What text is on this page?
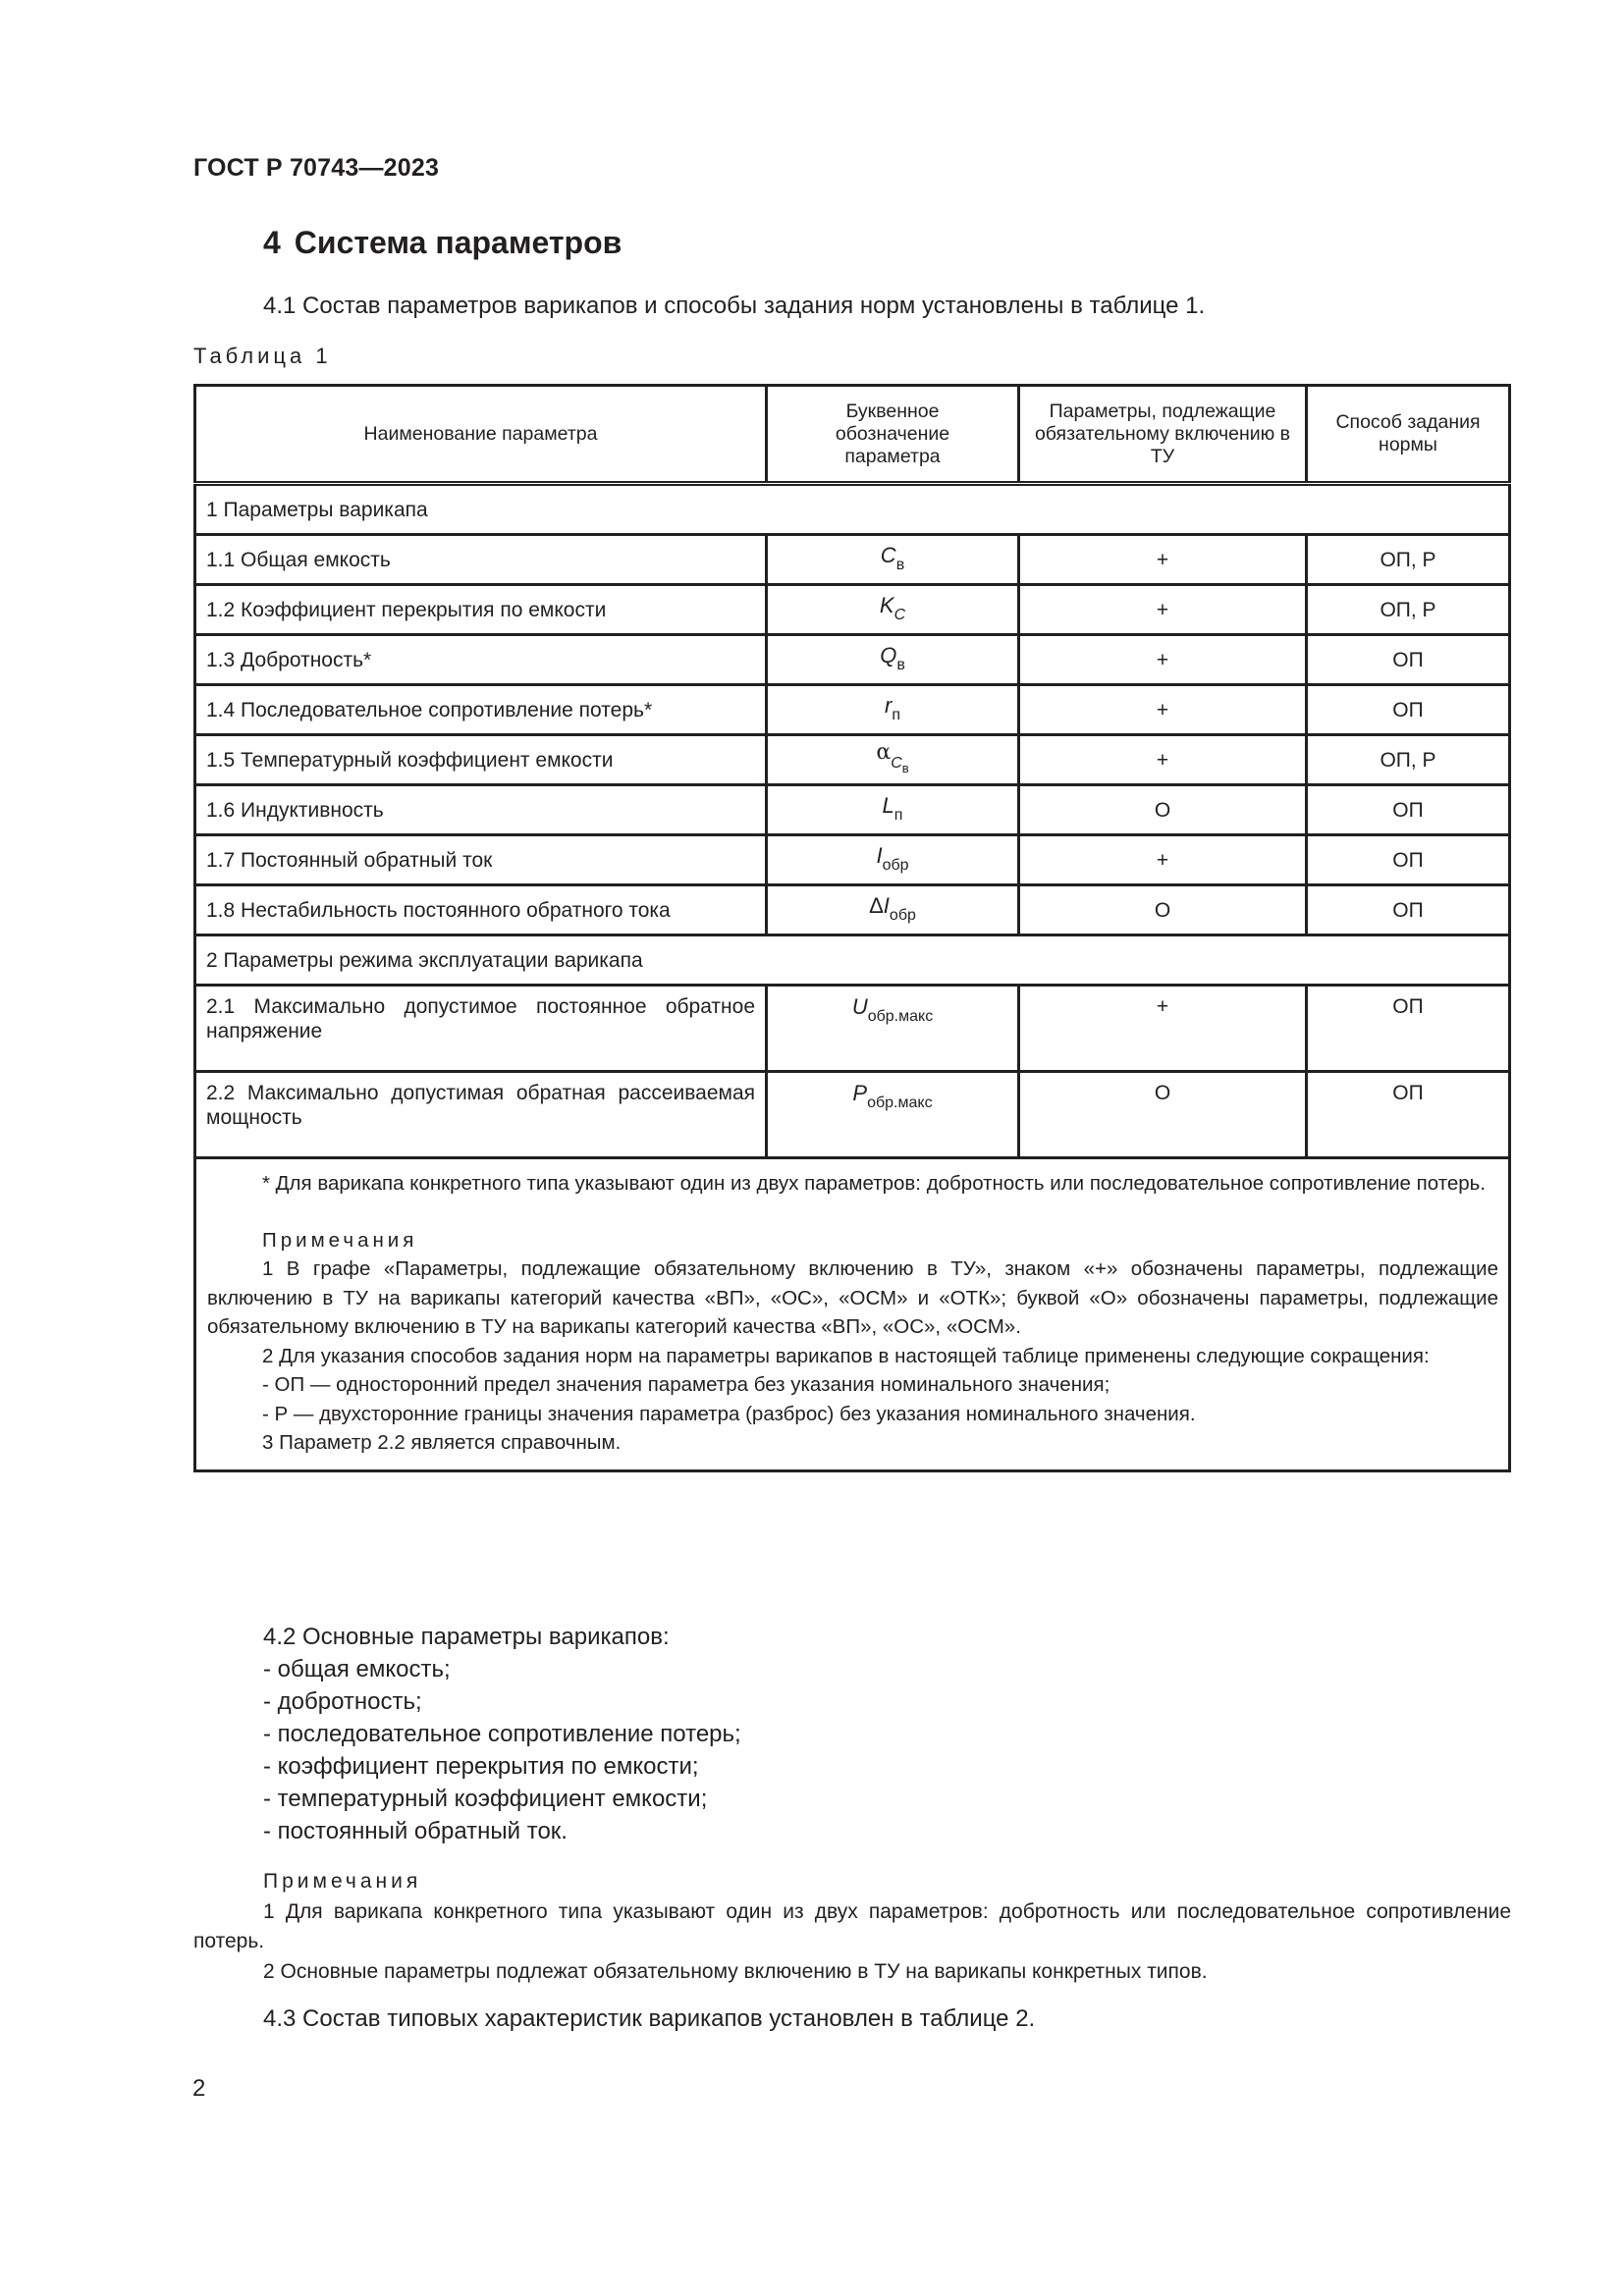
ГОСТ Р 70743—2023
4 Система параметров
4.1 Состав параметров варикапов и способы задания норм установлены в таблице 1.
Таблица 1
Наименование параметра	Буквенное обозначение параметра	Параметры, подлежащие обязательному включению в ТУ	Способ задания нормы
1 Параметры варикапа			
1.1 Общая емкость	$C_в$	+	ОП, Р
1.2 Коэффициент перекрытия по емкости	$K_C$	+	ОП, Р
1.3 Добротность*	$Q_в$	+	ОП
1.4 Последовательное сопротивление потерь*	$r_п$	+	ОП
1.5 Температурный коэффициент емкости	$\alpha_{C_в}$	+	ОП, Р
1.6 Индуктивность	$L_п$	О	ОП
1.7 Постоянный обратный ток	$I_{обр}$	+	ОП
1.8 Нестабильность постоянного обратного тока	$\Delta I_{обр}$	О	ОП
2 Параметры режима эксплуатации варикапа			
2.1 Максимально допустимое постоянное обратное напряжение	$U_{обр.макс}$	+	ОП
2.2 Максимально допустимая обратная рассеиваемая мощность	$P_{обр.макс}$	О	ОП

* Для варикапа конкретного типа указывают один из двух параметров: добротность или последовательное сопротивление потерь.

Примечания

1 В графе «Параметры, подлежащие обязательному включению в ТУ», знаком «+» обозначены параметры, подлежащие включению в ТУ на варикапы категорий качества «ВП», «ОС», «ОСМ» и «ОТК»; буквой «О» обозначены параметры, подлежащие обязательному включению в ТУ на варикапы категорий качества «ВП», «ОС», «ОСМ».

2 Для указания способов задания норм на параметры варикапов в настоящей таблице применены следующие сокращения:

- ОП — односторонний предел значения параметра без указания номинального значения;

- Р — двухсторонние границы значения параметра (разброс) без указания номинального значения.

3 Параметр 2.2 является справочным.

4.2 Основные параметры варикапов:

- общая емкость;

- добротность;

- последовательное сопротивление потерь;

- коэффициент перекрытия по емкости;

- температурный коэффициент емкости;

- постоянный обратный ток.

Примечания

1 Для варикапа конкретного типа указывают один из двух параметров: добротность или последовательное сопротивление потерь.

2 Основные параметры подлежат обязательному включению в ТУ на варикапы конкретных типов.

4.3 Состав типовых характеристик варикапов установлен в таблице 2.
2
